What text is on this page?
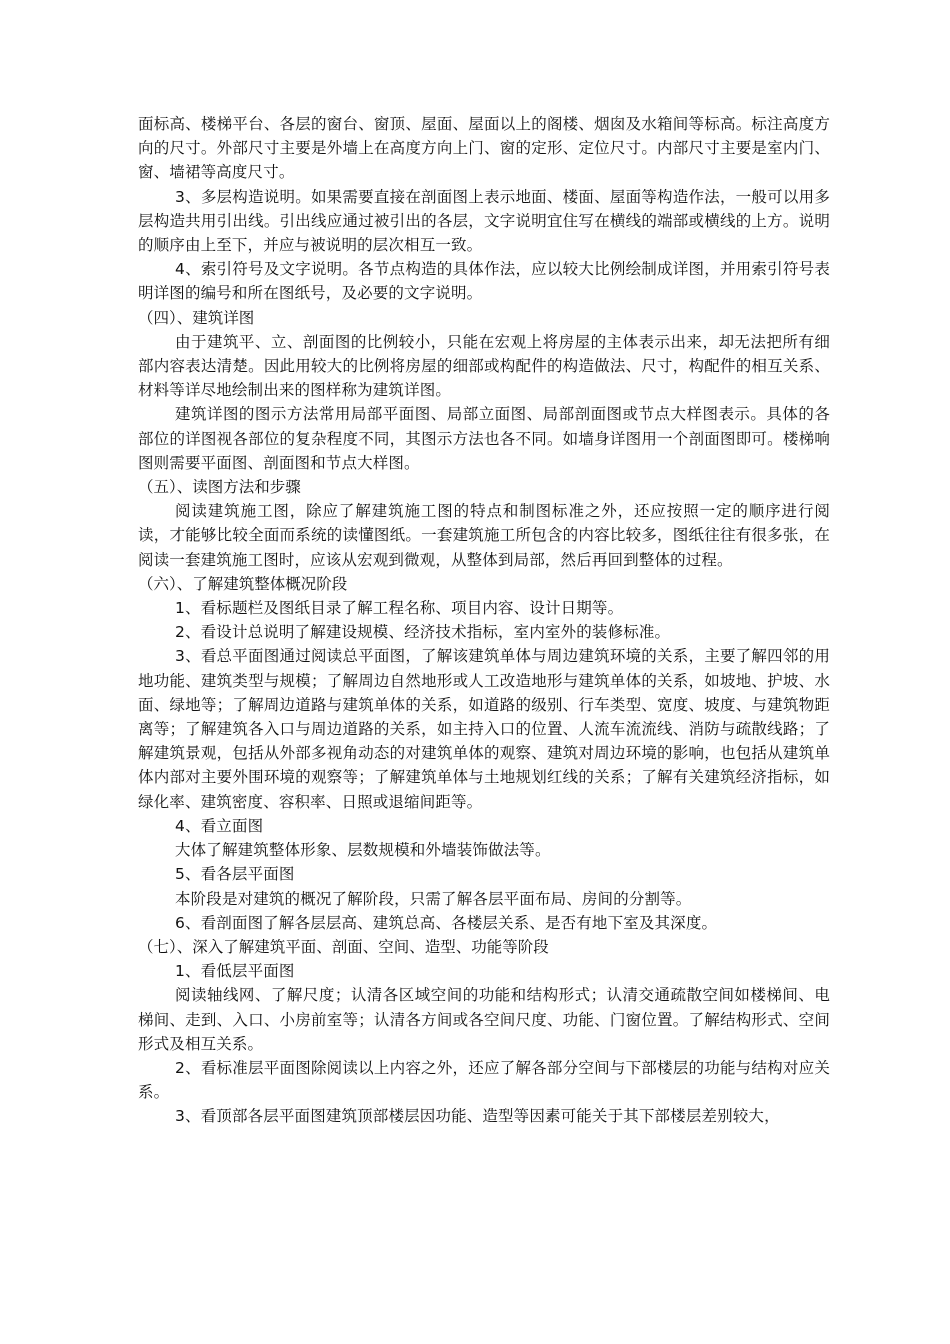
面标高、楼梯平台、各层的窗台、窗顶、屋面、屋面以上的阁楼、烟囱及水箱间等标高。标注高度方向的尺寸。外部尺寸主要是外墙上在高度方向上门、窗的定形、定位尺寸。内部尺寸主要是室内门、窗、墙裙等高度尺寸。

3、多层构造说明。如果需要直接在剖面图上表示地面、楼面、屋面等构造作法，一般可以用多层构造共用引出线。引出线应通过被引出的各层，文字说明宜住写在横线的端部或横线的上方。说明的顺序由上至下，并应与被说明的层次相互一致。

4、索引符号及文字说明。各节点构造的具体作法，应以较大比例绘制成详图，并用索引符号表明详图的编号和所在图纸号，及必要的文字说明。

（四）、建筑详图

由于建筑平、立、剖面图的比例较小，只能在宏观上将房屋的主体表示出来，却无法把所有细部内容表达清楚。因此用较大的比例将房屋的细部或构配件的构造做法、尺寸，构配件的相互关系、材料等详尽地绘制出来的图样称为建筑详图。

建筑详图的图示方法常用局部平面图、局部立面图、局部剖面图或节点大样图表示。具体的各部位的详图视各部位的复杂程度不同，其图示方法也各不同。如墙身详图用一个剖面图即可。楼梯响图则需要平面图、剖面图和节点大样图。

（五）、读图方法和步骤

阅读建筑施工图，除应了解建筑施工图的特点和制图标准之外，还应按照一定的顺序进行阅读，才能够比较全面而系统的读懂图纸。一套建筑施工所包含的内容比较多，图纸往往有很多张，在阅读一套建筑施工图时，应该从宏观到微观，从整体到局部，然后再回到整体的过程。

（六）、了解建筑整体概况阶段

1、看标题栏及图纸目录了解工程名称、项目内容、设计日期等。

2、看设计总说明了解建设规模、经济技术指标，室内室外的装修标准。

3、看总平面图通过阅读总平面图，了解该建筑单体与周边建筑环境的关系，主要了解四邻的用地功能、建筑类型与规模；了解周边自然地形或人工改造地形与建筑单体的关系，如坡地、护坡、水面、绿地等；了解周边道路与建筑单体的关系，如道路的级别、行车类型、宽度、坡度、与建筑物距离等；了解建筑各入口与周边道路的关系，如主持入口的位置、人流车流流线、消防与疏散线路；了解建筑景观，包括从外部多视角动态的对建筑单体的观察、建筑对周边环境的影响，也包括从建筑单体内部对主要外围环境的观察等；了解建筑单体与土地规划红线的关系；了解有关建筑经济指标，如绿化率、建筑密度、容积率、日照或退缩间距等。

4、看立面图

大体了解建筑整体形象、层数规模和外墙装饰做法等。

5、看各层平面图

本阶段是对建筑的概况了解阶段，只需了解各层平面布局、房间的分割等。

6、看剖面图了解各层层高、建筑总高、各楼层关系、是否有地下室及其深度。

（七）、深入了解建筑平面、剖面、空间、造型、功能等阶段

1、看低层平面图

阅读轴线网、了解尺度；认清各区域空间的功能和结构形式；认清交通疏散空间如楼梯间、电梯间、走到、入口、小房前室等；认清各方间或各空间尺度、功能、门窗位置。了解结构形式、空间形式及相互关系。

2、看标准层平面图除阅读以上内容之外，还应了解各部分空间与下部楼层的功能与结构对应关系。

3、看顶部各层平面图建筑顶部楼层因功能、造型等因素可能关于其下部楼层差别较大，
